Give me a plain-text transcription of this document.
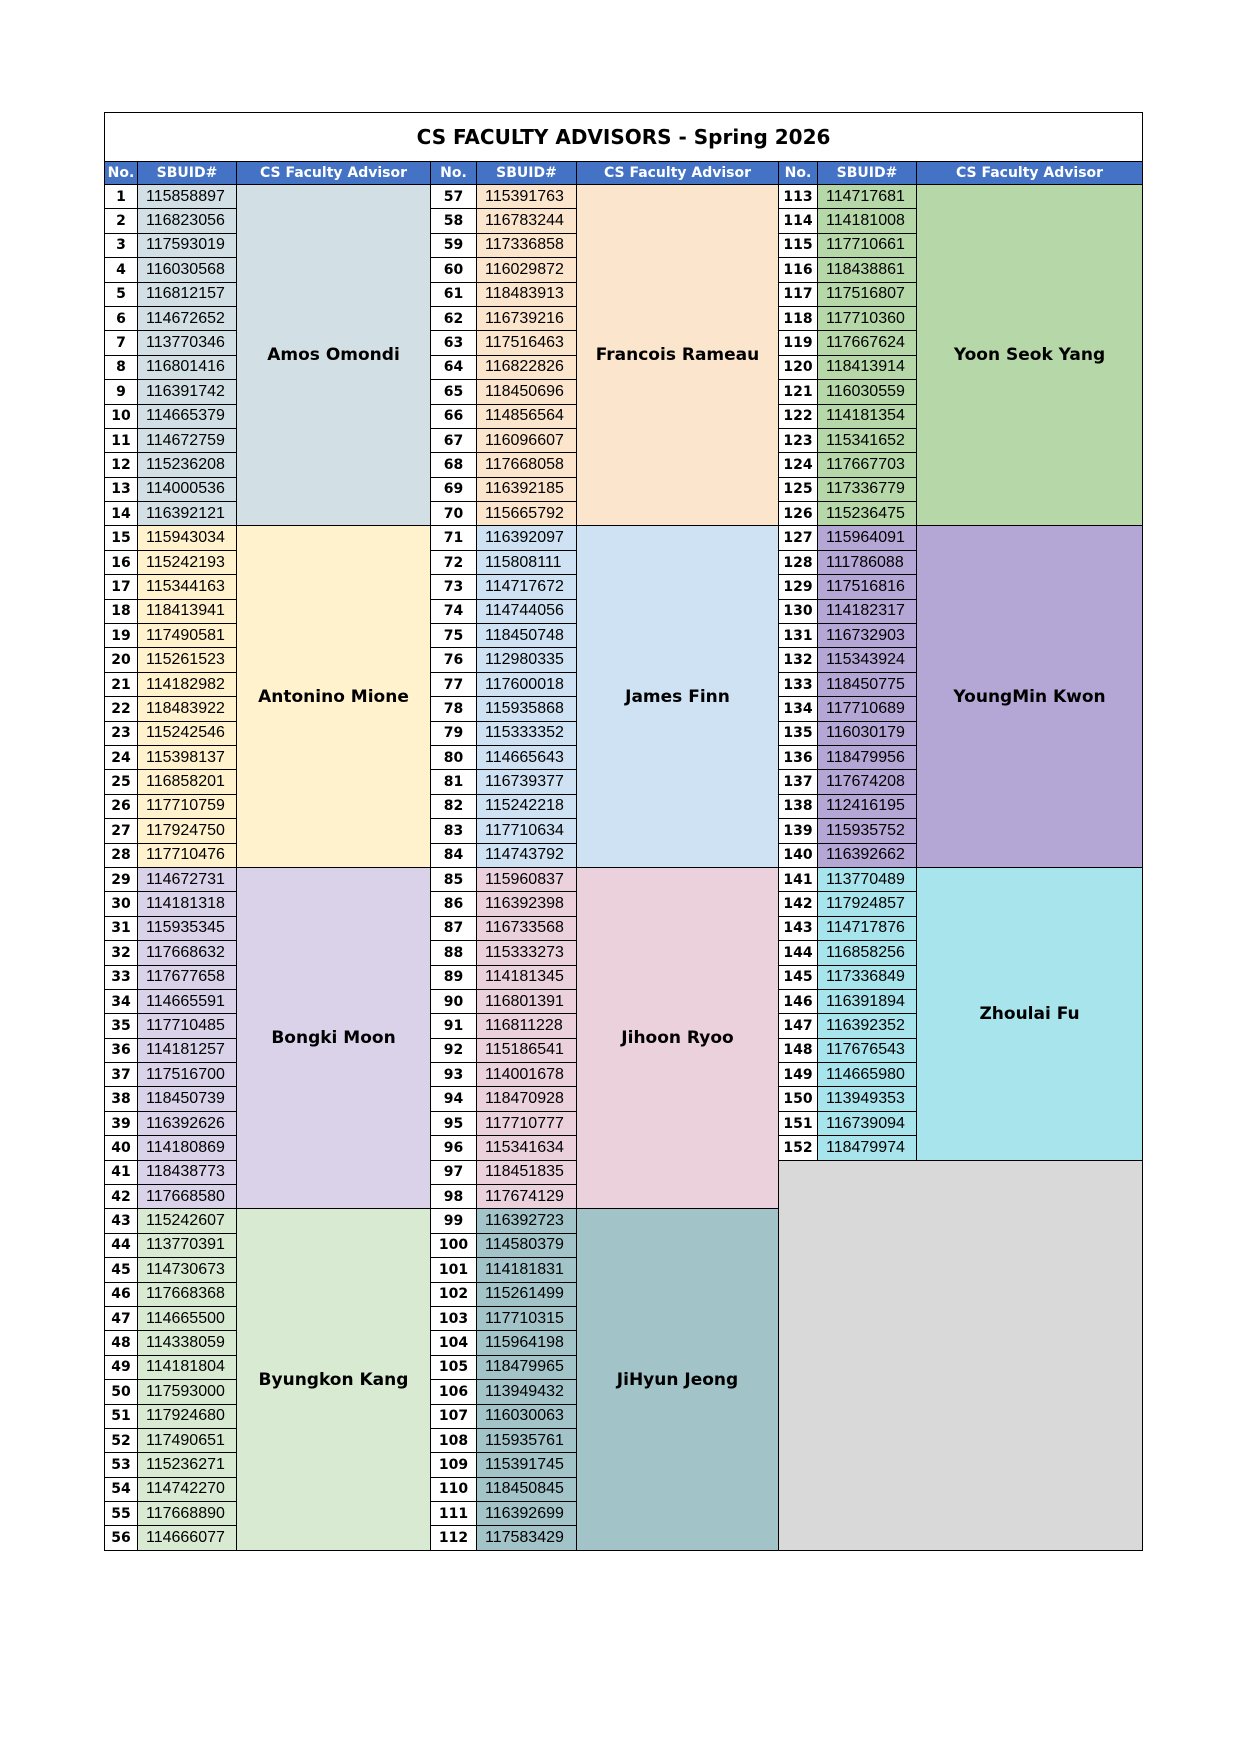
CS FACULTY ADVISORS - Spring 2026								
No.	SBUID#	CS Faculty Advisor	No.	SBUID#	CS Faculty Advisor	No.	SBUID#	CS Faculty Advisor
1	115858897	Amos Omondi	57	115391763	Francois Rameau	113	114717681	Yoon Seok Yang
2	116823056		58	116783244		114	114181008	
3	117593019		59	117336858		115	117710661	
4	116030568		60	116029872		116	118438861	
5	116812157		61	118483913		117	117516807	
6	114672652		62	116739216		118	117710360	
7	113770346		63	117516463		119	117667624	
8	116801416		64	116822826		120	118413914	
9	116391742		65	118450696		121	116030559	
10	114665379		66	114856564		122	114181354	
11	114672759		67	116096607		123	115341652	
12	115236208		68	117668058		124	117667703	
13	114000536		69	116392185		125	117336779	
14	116392121		70	115665792		126	115236475	
15	115943034	Antonino Mione	71	116392097	James Finn	127	115964091	YoungMin Kwon
16	115242193		72	115808111		128	111786088	
17	115344163		73	114717672		129	117516816	
18	118413941		74	114744056		130	114182317	
19	117490581		75	118450748		131	116732903	
20	115261523		76	112980335		132	115343924	
21	114182982		77	117600018		133	118450775	
22	118483922		78	115935868		134	117710689	
23	115242546		79	115333352		135	116030179	
24	115398137		80	114665643		136	118479956	
25	116858201		81	116739377		137	117674208	
26	117710759		82	115242218		138	112416195	
27	117924750		83	117710634		139	115935752	
28	117710476		84	114743792		140	116392662	
29	114672731	Bongki Moon	85	115960837	Jihoon Ryoo	141	113770489	Zhoulai Fu
30	114181318		86	116392398		142	117924857	
31	115935345		87	116733568		143	114717876	
32	117668632		88	115333273		144	116858256	
33	117677658		89	114181345		145	117336849	
34	114665591		90	116801391		146	116391894	
35	117710485		91	116811228		147	116392352	
36	114181257		92	115186541		148	117676543	
37	117516700		93	114001678		149	114665980	
38	118450739		94	118470928		150	113949353	
39	116392626		95	117710777		151	116739094	
40	114180869		96	115341634		152	118479974	
41	118438773		97	118451835				
42	117668580		98	117674129				
43	115242607	Byungkon Kang	99	116392723	JiHyun Jeong			
44	113770391		100	114580379				
45	114730673		101	114181831				
46	117668368		102	115261499				
47	114665500		103	117710315				
48	114338059		104	115964198				
49	114181804		105	118479965				
50	117593000		106	113949432				
51	117924680		107	116030063				
52	117490651		108	115935761				
53	115236271		109	115391745				
54	114742270		110	118450845				
55	117668890		111	116392699				
56	114666077		112	117583429				
